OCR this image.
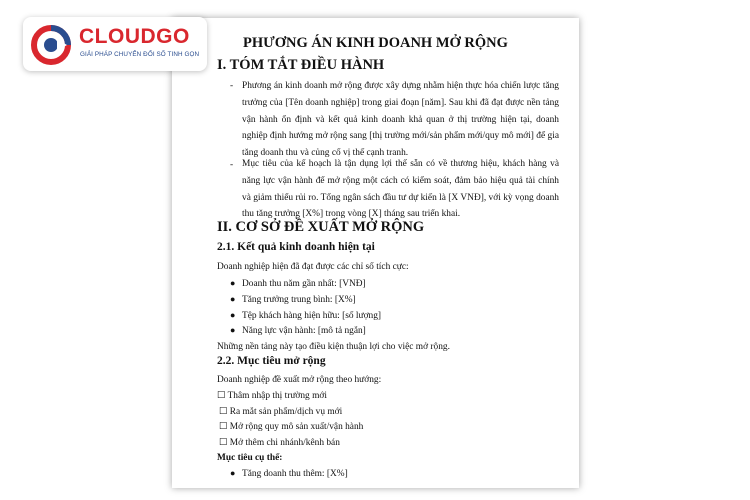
CLOUDGO
GIẢI PHÁP CHUYỂN ĐỔI SỐ TINH GỌN
PHƯƠNG ÁN KINH DOANH MỞ RỘNG
I. TÓM TẮT ĐIỀU HÀNH
- Phương án kinh doanh mở rộng được xây dựng nhằm hiện thực hóa chiến lược tăng trưởng của [Tên doanh nghiệp] trong giai đoạn [năm]. Sau khi đã đạt được nền tảng vận hành ổn định và kết quả kinh doanh khả quan ở thị trường hiện tại, doanh nghiệp định hướng mở rộng sang [thị trường mới/sản phẩm mới/quy mô mới] để gia tăng doanh thu và củng cố vị thế cạnh tranh.
- Mục tiêu của kế hoạch là tận dụng lợi thế sẵn có về thương hiệu, khách hàng và năng lực vận hành để mở rộng một cách có kiểm soát, đảm bảo hiệu quả tài chính và giảm thiểu rủi ro. Tổng ngân sách đầu tư dự kiến là [X VNĐ], với kỳ vọng doanh thu tăng trưởng [X%] trong vòng [X] tháng sau triển khai.
II. CƠ SỞ ĐỀ XUẤT MỞ RỘNG
2.1. Kết quả kinh doanh hiện tại
Doanh nghiệp hiện đã đạt được các chỉ số tích cực:
● Doanh thu năm gần nhất: [VNĐ]
● Tăng trưởng trung bình: [X%]
● Tệp khách hàng hiện hữu: [số lượng]
● Năng lực vận hành: [mô tả ngắn]
Những nền tảng này tạo điều kiện thuận lợi cho việc mở rộng.
2.2. Mục tiêu mở rộng
Doanh nghiệp đề xuất mở rộng theo hướng:
☐ Thâm nhập thị trường mới
☐ Ra mắt sản phẩm/dịch vụ mới
☐ Mở rộng quy mô sản xuất/vận hành
☐ Mở thêm chi nhánh/kênh bán
Mục tiêu cụ thể:
● Tăng doanh thu thêm: [X%]
